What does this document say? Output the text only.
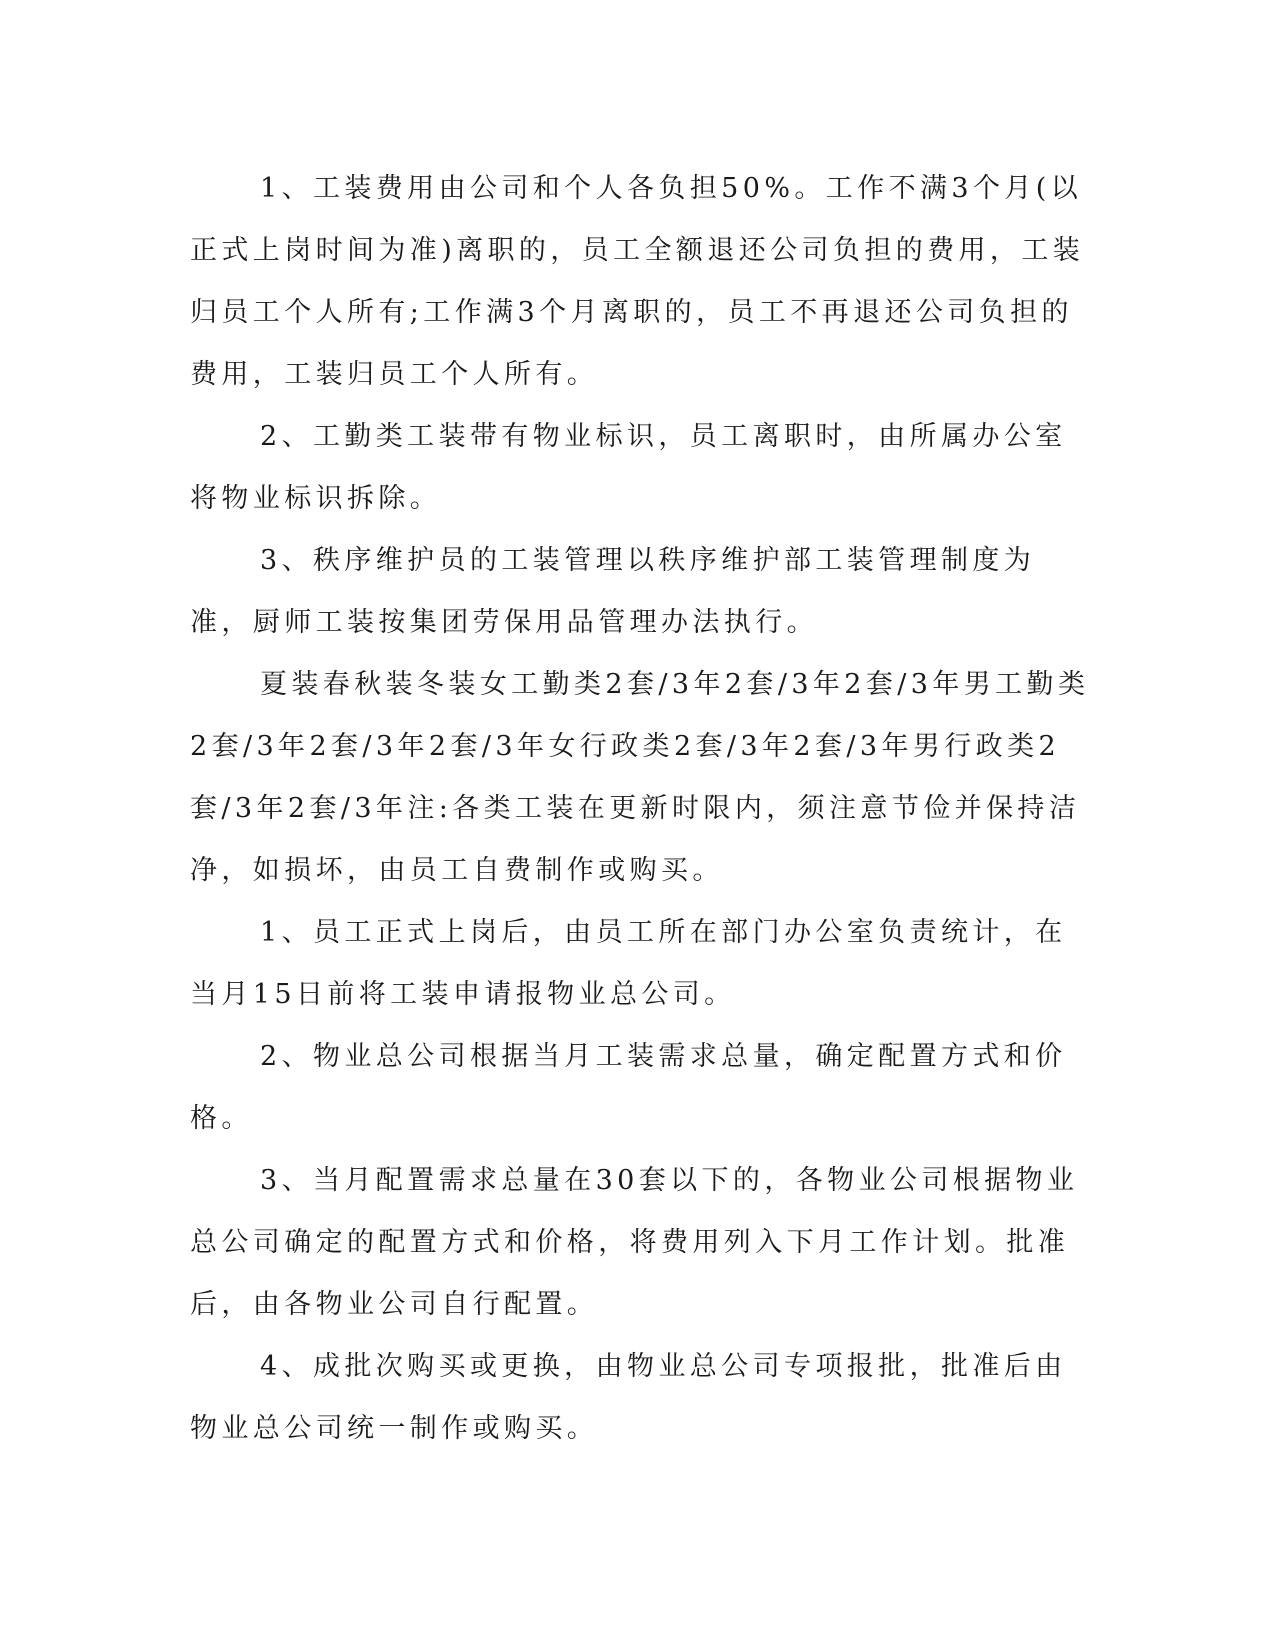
1、工装费用由公司和个人各负担50%。工作不满3个月(以正式上岗时间为准)离职的，员工全额退还公司负担的费用，工装归员工个人所有;工作满3个月离职的，员工不再退还公司负担的费用，工装归员工个人所有。

2、工勤类工装带有物业标识，员工离职时，由所属办公室将物业标识拆除。

3、秩序维护员的工装管理以秩序维护部工装管理制度为准，厨师工装按集团劳保用品管理办法执行。

夏装春秋装冬装女工勤类2套/3年2套/3年2套/3年男工勤类2套/3年2套/3年2套/3年女行政类2套/3年2套/3年男行政类2套/3年2套/3年注:各类工装在更新时限内，须注意节俭并保持洁净，如损坏，由员工自费制作或购买。

1、员工正式上岗后，由员工所在部门办公室负责统计，在当月15日前将工装申请报物业总公司。

2、物业总公司根据当月工装需求总量，确定配置方式和价格。

3、当月配置需求总量在30套以下的，各物业公司根据物业总公司确定的配置方式和价格，将费用列入下月工作计划。批准后，由各物业公司自行配置。

4、成批次购买或更换，由物业总公司专项报批，批准后由物业总公司统一制作或购买。
